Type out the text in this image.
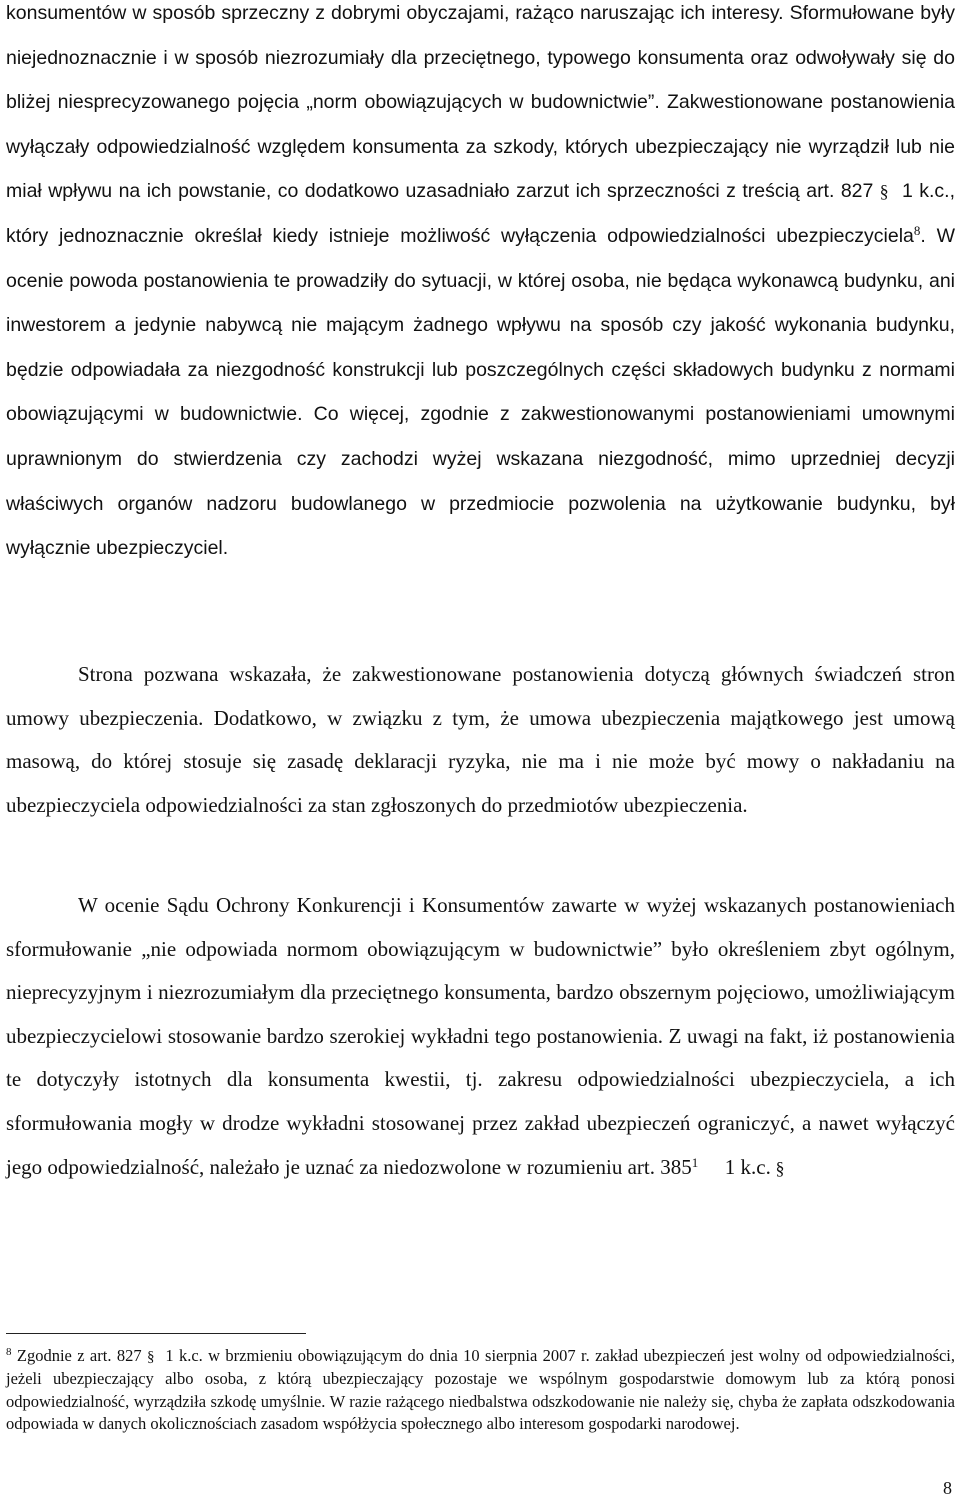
konsumentów w sposób sprzeczny z dobrymi obyczajami, rażąco naruszając ich interesy. Sformułowane były niejednoznacznie i w sposób niezrozumiały dla przeciętnego, typowego konsumenta oraz odwoływały się do bliżej niesprecyzowanego pojęcia „norm obowiązujących w budownictwie”. Zakwestionowane postanowienia wyłączały odpowiedzialność względem konsumenta za szkody, których ubezpieczający nie wyrządził lub nie miał wpływu na ich powstanie, co dodatkowo uzasadniało zarzut ich sprzeczności z treścią art. 827 § 1 k.c., który jednoznacznie określał kiedy istnieje możliwość wyłączenia odpowiedzialności ubezpieczyciela$^8$. W ocenie powoda postanowienia te prowadziły do sytuacji, w której osoba, nie będąca wykonawcą budynku, ani inwestorem a jedynie nabywcą nie mającym żadnego wpływu na sposób czy jakość wykonania budynku, będzie odpowiadała za niezgodność konstrukcji lub poszczególnych części składowych budynku z normami obowiązującymi w budownictwie. Co więcej, zgodnie z zakwestionowanymi postanowieniami umownymi uprawnionym do stwierdzenia czy zachodzi wyżej wskazana niezgodność, mimo uprzedniej decyzji właściwych organów nadzoru budowlanego w przedmiocie pozwolenia na użytkowanie budynku, był wyłącznie ubezpieczyciel.

Strona pozwana wskazała, że zakwestionowane postanowienia dotyczą głównych świadczeń stron umowy ubezpieczenia. Dodatkowo, w związku z tym, że umowa ubezpieczenia majątkowego jest umową masową, do której stosuje się zasadę deklaracji ryzyka, nie ma i nie może być mowy o nakładaniu na ubezpieczyciela odpowiedzialności za stan zgłoszonych do przedmiotów ubezpieczenia.

W ocenie Sądu Ochrony Konkurencji i Konsumentów zawarte w wyżej wskazanych postanowieniach sformułowanie „nie odpowiada normom obowiązującym w budownictwie” było określeniem zbyt ogólnym, nieprecyzyjnym i niezrozumiałym dla przeciętnego konsumenta, bardzo obszernym pojęciowo, umożliwiającym ubezpieczycielowi stosowanie bardzo szerokiej wykładni tego postanowienia. Z uwagi na fakt, iż postanowienia te dotyczyły istotnych dla konsumenta kwestii, tj. zakresu odpowiedzialności ubezpieczyciela, a ich sformułowania mogły w drodze wykładni stosowanej przez zakład ubezpieczeń ograniczyć, a nawet wyłączyć jego odpowiedzialność, należało je uznać za niedozwolone w rozumieniu art. $385^1$	§ 1 k.c.

$^8$ Zgodnie z art. 827 § 1 k.c. w brzmieniu obowiązującym do dnia 10 sierpnia 2007 r. zakład ubezpieczeń jest wolny od odpowiedzialności, jeżeli ubezpieczający albo osoba, z którą ubezpieczający pozostaje we wspólnym gospodarstwie domowym lub za którą ponosi odpowiedzialność, wyrządziła szkodę umyślnie. W razie rażącego niedbalstwa odszkodowanie nie należy się, chyba że zapłata odszkodowania odpowiada w danych okolicznościach zasadom współżycia społecznego albo interesom gospodarki narodowej.

8
